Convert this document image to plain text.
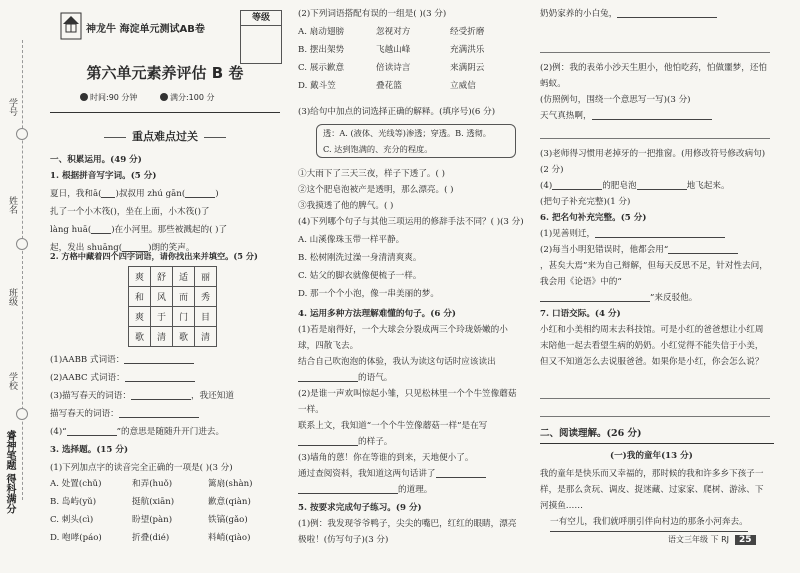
学号
姓名
班级
学校
睿神笔题 得科满分
神龙牛 海淀单元测试AB卷
等级
第六单元素养评估 B 卷
时间:90 分钟	满分:100 分
重点难点过关
一、积累运用。(49 分)
1. 根据拼音写字词。(5 分)
夏日，我和ā( )叔叔用 zhú gān(	)
扎了一个小木筏()，坐在上面，小木筏()了
làng huā( )在小河里。那些被溅起的( )了
起，发出 shuāng(	)朗的笑声。
2. 方格中藏着四个四字词语，请你找出来并填空。(5 分)
爽	舒	适	丽
和	风	而	秀
爽	于	门	目
歌	清	歌	清
(1)AABB 式词语：
(2)AABC 式词语：
(3)描写春天的词语：	，我还知道
描写春天的词语：
(4)“	”的意思是随随升开门进去。
3. 选择题。(15 分)
(1)下列加点字的读音完全正确的一项是( )(3 分)
A. 处置(chǔ)	和弄(huǒ)	篱扇(shàn)
B. 岛屿(yǔ)	挺航(xiān)	歉意(qiàn)
C. 刺头(cì)	盼望(pàn)	铁镐(gǎo)
D. 咆哮(páo)	折叠(dié)	料峭(qiào)
(2)下列词语搭配有误的一组是( )(3 分)
A. 扇动翅膀	忽视对方	经受折磨
B. 摆出架势	飞越山峰	充满洪乐
C. 展示歉意	倍读诗言	来满阴云
D. 戴斗笠	叠花篮	立威信
(3)给句中加点的词选择正确的解释。(填序号)(6 分)
透：A. (液体、光线等)渗透；穿透。B. 透彻。
C. 达到饱满的、充分的程度。
①大雨下了三天三夜，样子下透了。( )
②这个肥皂泡被产是透明，那么漂亮。( )
③我摸透了他的脾气。( )
(4)下列哪个句子与其他三项运用的修辞手法不同？( )(3 分)
A. 山溪像珠玉带一样平静。
B. 松树刚洗过澡一身清清爽爽。
C. 姑父的脚衣就像便梳子一样。
D. 那一个个小泡，像一串美丽的梦。
4. 运用多种方法理解难懂的句子。(6 分)
(1)若是扇得好，一个大球会分裂成两三个玲珑娇嫩的小球，四散飞去。
结合自己吹泡泡的体验，我认为读这句话时应该读出的语气。
(2)是谁一声欢叫惊起小雏，只见松林里一个个牛笠像蘑菇一样。
联系上文，我知道“一个个牛笠像蘑菇一样”是在写的样子。
(3)墙角的蒽！你在等谁的到来，天地便小了。
通过查阅资料，我知道这两句话讲了
的道理。
5. 按要求完成句子练习。(9 分)
(1)例：我发现爷爷鸭子，尖尖的嘴巴，红红的眼睛，漂亮极啦！(仿写句子)(3 分)
奶奶家养的小白兔，
(2)例：我的表弟小沙天生胆小，他怕吃药，怕做噩梦，还怕蚂蚁。
(仿照例句，围绕一个意思写一写)(3 分)
天气真热啊，
(3)老师得习惯用老掉牙的一把推窗。(用修改符号修改病句)(2 分)
(4)	的肥皂泡	地飞起来。
(把句子补充完整)(1 分)
6. 把名句补充完整。(5 分)
(1)见善则迁，
(2)每当小明犯错误时，他都会用“
，甚矣大焉”来为自己辩解，但每天反思不足，针对性去问，我会用《论语》中的“
”来反驳他。
7. 口语交际。(4 分)
小红和小美相约周末去科技馆。可是小红的爸爸想让小红周末陪他一起去看望生病的奶奶。小红觉得不能失信于小美，但又不知道怎么去说服爸爸。如果你是小红，你会怎么说？
二、阅读理解。(26 分)
(一)我的童年(13 分)
我的童年是快乐而又幸福的，那时候的我和许多乡下孩子一样，是那么贪玩、调皮、捉迷藏、过家家、爬树、游泳、下河摸鱼……
一有空儿，我们就呼朋引伴向村边的那条小河奔去。
语文三年级 下 RJ 25
